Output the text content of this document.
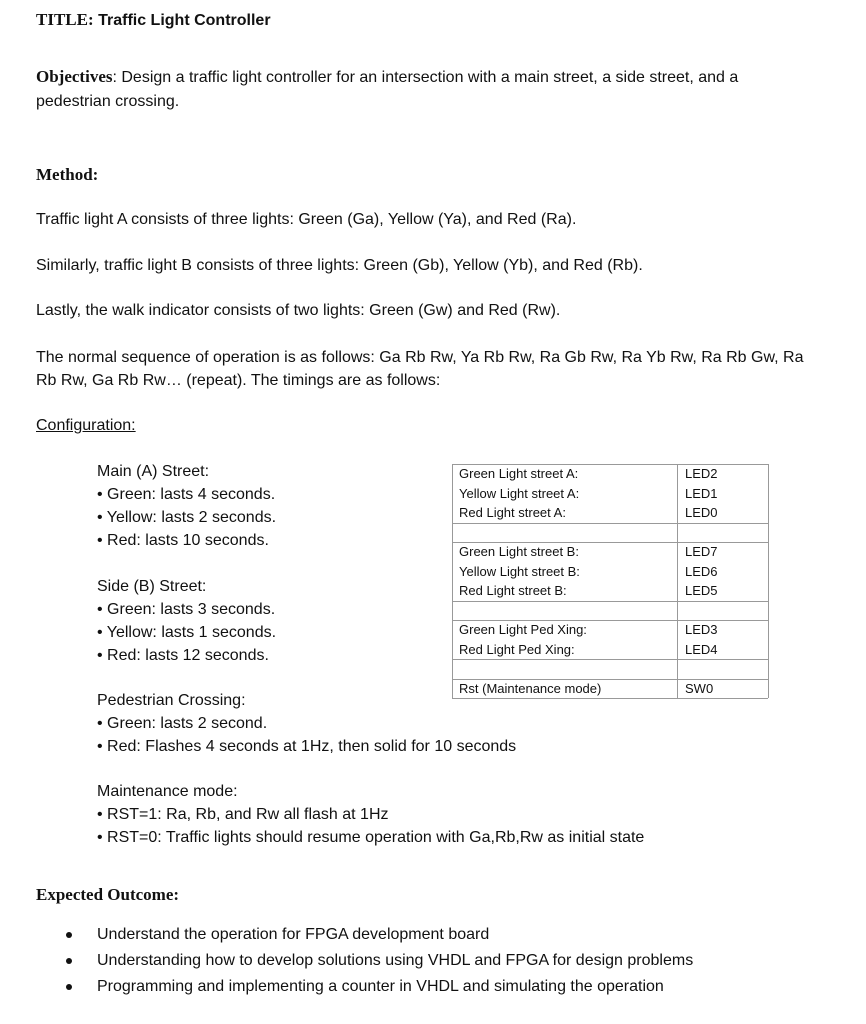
TITLE: Traffic Light Controller
Objectives: Design a traffic light controller for an intersection with a main street, a side street, and a
pedestrian crossing.
Method:
Traffic light A consists of three lights: Green (Ga), Yellow (Ya), and Red (Ra).
Similarly, traffic light B consists of three lights: Green (Gb), Yellow (Yb), and Red (Rb).
Lastly, the walk indicator consists of two lights: Green (Gw) and Red (Rw).
The normal sequence of operation is as follows: Ga Rb Rw, Ya Rb Rw, Ra Gb Rw, Ra Yb Rw, Ra Rb Gw, Ra
Rb Rw, Ga Rb Rw… (repeat). The timings are as follows:
Configuration:
Main (A) Street:
• Green: lasts 4 seconds.
• Yellow: lasts 2 seconds.
• Red: lasts 10 seconds.
Side (B) Street:
• Green: lasts 3 seconds.
• Yellow: lasts 1 seconds.
• Red: lasts 12 seconds.
Pedestrian Crossing:
• Green: lasts 2 second.
• Red: Flashes 4 seconds at 1Hz, then solid for 10 seconds
Maintenance mode:
• RST=1: Ra, Rb, and Rw all flash at 1Hz
• RST=0: Traffic lights should resume operation with Ga,Rb,Rw as initial state
Green Light street A:	LED2
Yellow Light street A:	LED1
Red Light street A:	LED0
Green Light street B:	LED7
Yellow Light street B:	LED6
Red Light street B:	LED5
Green Light Ped Xing:	LED3
Red Light Ped Xing:	LED4
Rst (Maintenance mode)	SW0
Expected Outcome:
Understand the operation for FPGA development board
Understanding how to develop solutions using VHDL and FPGA for design problems
Programming and implementing a counter in VHDL and simulating the operation
